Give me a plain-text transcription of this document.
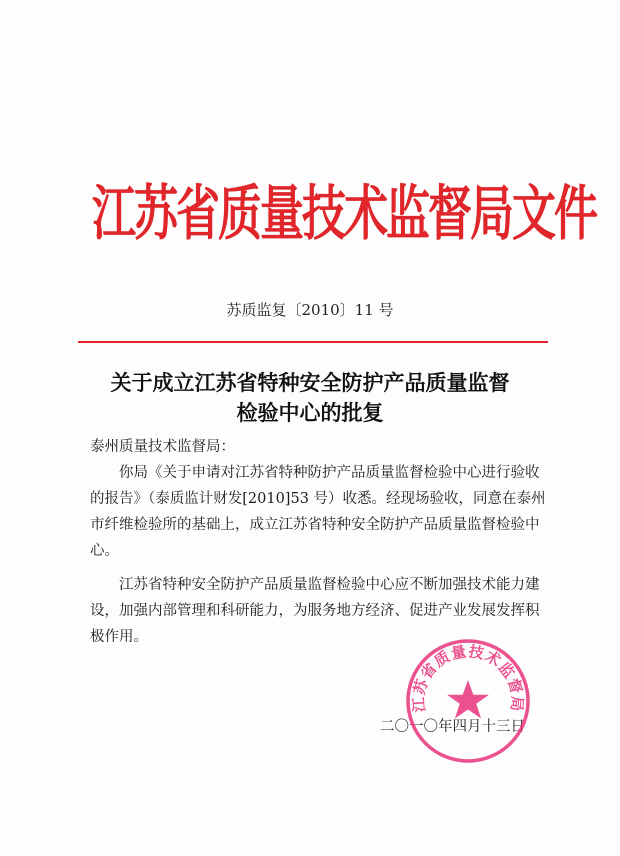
江苏省质量技术监督局文件
苏质监复〔2010〕11 号
关于成立江苏省特种安全防护产品质量监督
检验中心的批复

泰州质量技术监督局：

你局《关于申请对江苏省特种防护产品质量监督检验中心进行验收的报告》（泰质监计财发[2010]53 号）收悉。经现场验收，同意在泰州市纤维检验所的基础上，成立江苏省特种安全防护产品质量监督检验中心。

江苏省特种安全防护产品质量监督检验中心应不断加强技术能力建设，加强内部管理和科研能力，为服务地方经济、促进产业发展发挥积极作用。

二〇一〇年四月十三日
江苏省质量技术监督局
